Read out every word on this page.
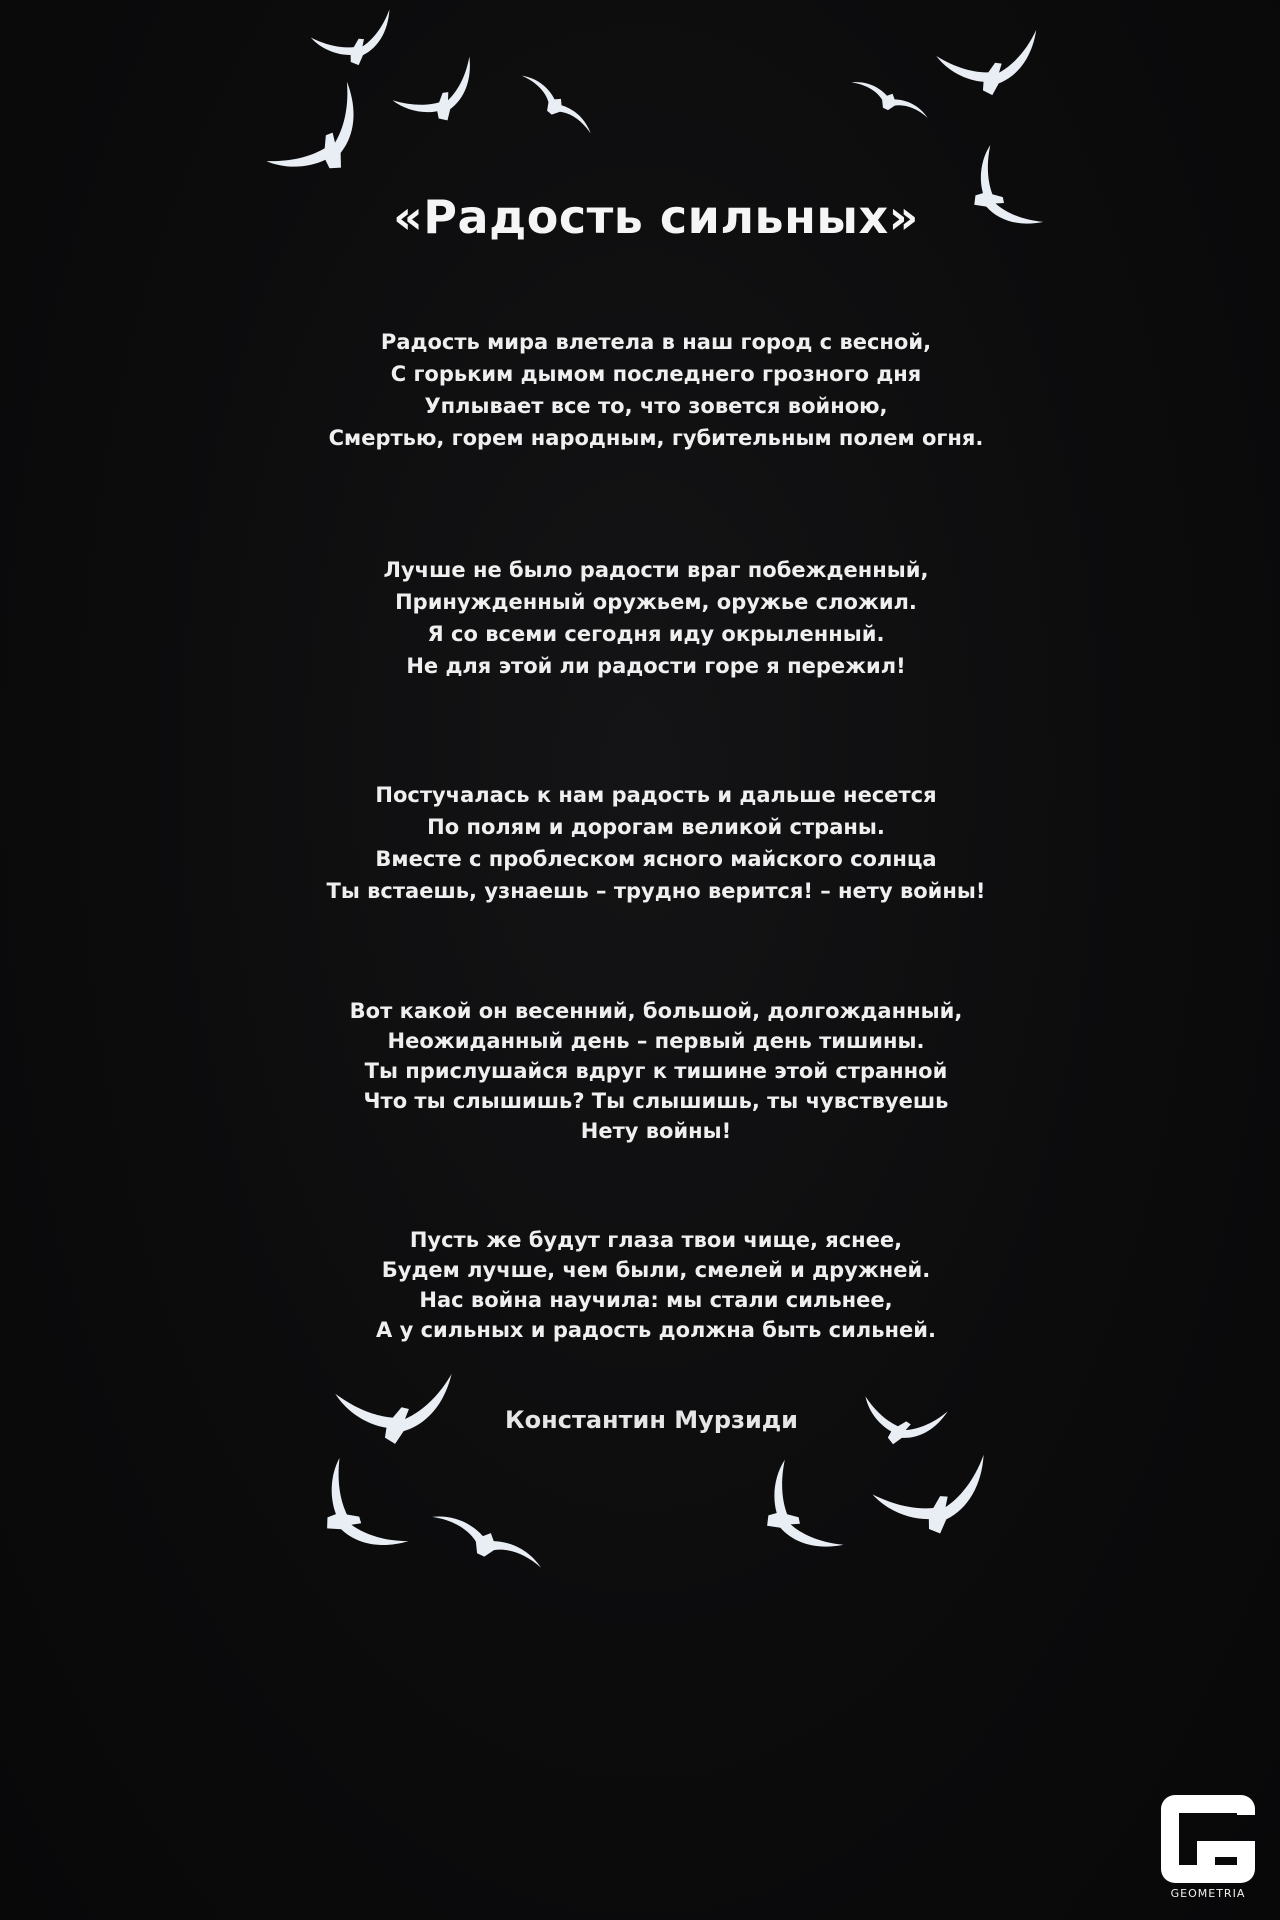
«Радость сильных»
Радость мира влетела в наш город с весной,
С горьким дымом последнего грозного дня
Уплывает все то, что зовется войною,
Смертью, горем народным, губительным полем огня.
Лучше не было радости враг побежденный,
Принужденный оружьем, оружье сложил.
Я со всеми сегодня иду окрыленный.
Не для этой ли радости горе я пережил!
Постучалась к нам радость и дальше несется
По полям и дорогам великой страны.
Вместе с проблеском ясного майского солнца
Ты встаешь, узнаешь – трудно верится! – нету войны!
Вот какой он весенний, большой, долгожданный,
Неожиданный день – первый день тишины.
Ты прислушайся вдруг к тишине этой странной
Что ты слышишь? Ты слышишь, ты чувствуешь
Нету войны!
Пусть же будут глаза твои чище, яснее,
Будем лучше, чем были, смелей и дружней.
Нас война научила: мы стали сильнее,
А у сильных и радость должна быть сильней.
Константин Мурзиди
GEOMETRIA
